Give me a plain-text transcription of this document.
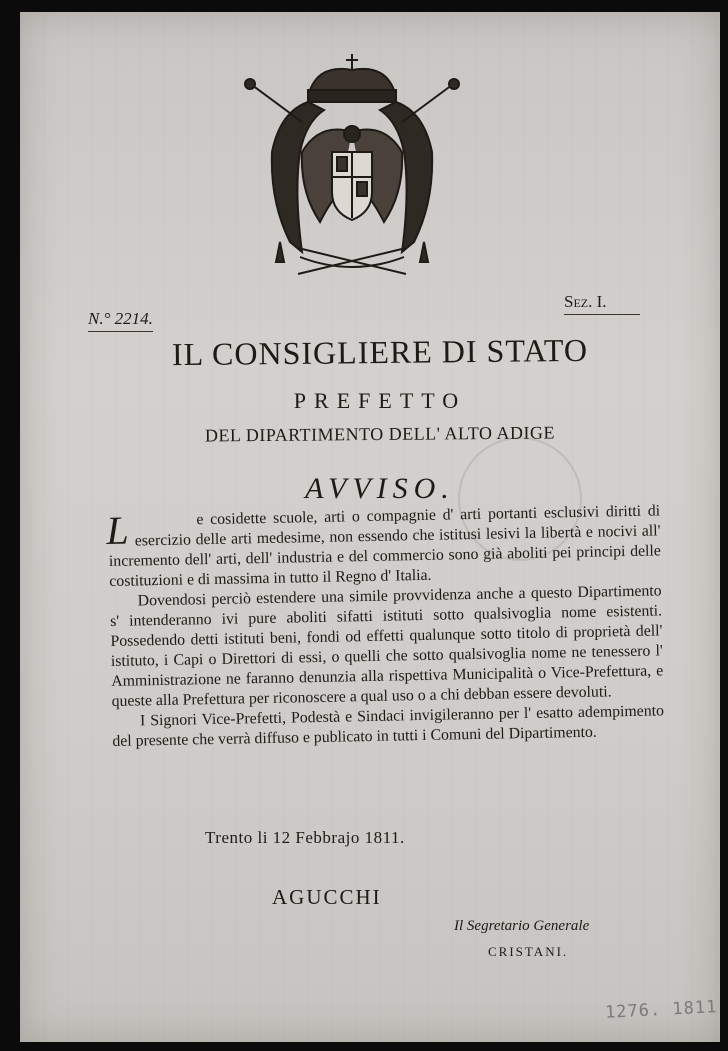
N.° 2214.
Sez. I.
IL CONSIGLIERE DI STATO
PREFETTO
DEL DIPARTIMENTO DELL' ALTO ADIGE
AVVISO.

L	e cosidette scuole, arti o compagnie d' arti portanti esclusivi diritti di esercizio delle arti medesime, non essendo che istitusi lesivi la libertà e nocivi all' incremento dell' arti, dell' industria e del commercio sono già aboliti pei principi delle costituzioni e di massima in tutto il Regno d' Italia.

Dovendosi perciò estendere una simile provvidenza anche a questo Dipartimento s' intenderanno ivi pure aboliti sifatti istituti sotto qualsivoglia nome esistenti. Possedendo detti istituti beni, fondi od effetti qualunque sotto titolo di proprietà dell' istituto, i Capi o Direttori di essi, o quelli che sotto qualsivoglia nome ne tenessero l' Amministrazione ne faranno denunzia alla rispettiva Municipalità o Vice-Prefettura, e queste alla Prefettura per riconoscere a qual uso o a chi debban essere devoluti.

I Signori Vice-Prefetti, Podestà e Sindaci invigileranno per l' esatto adempimento del presente che verrà diffuso e publicato in tutti i Comuni del Dipartimento.

Trento li 12 Febbrajo 1811.
AGUCCHI
Il Segretario Generale
CRISTANI.
1276. 1811
